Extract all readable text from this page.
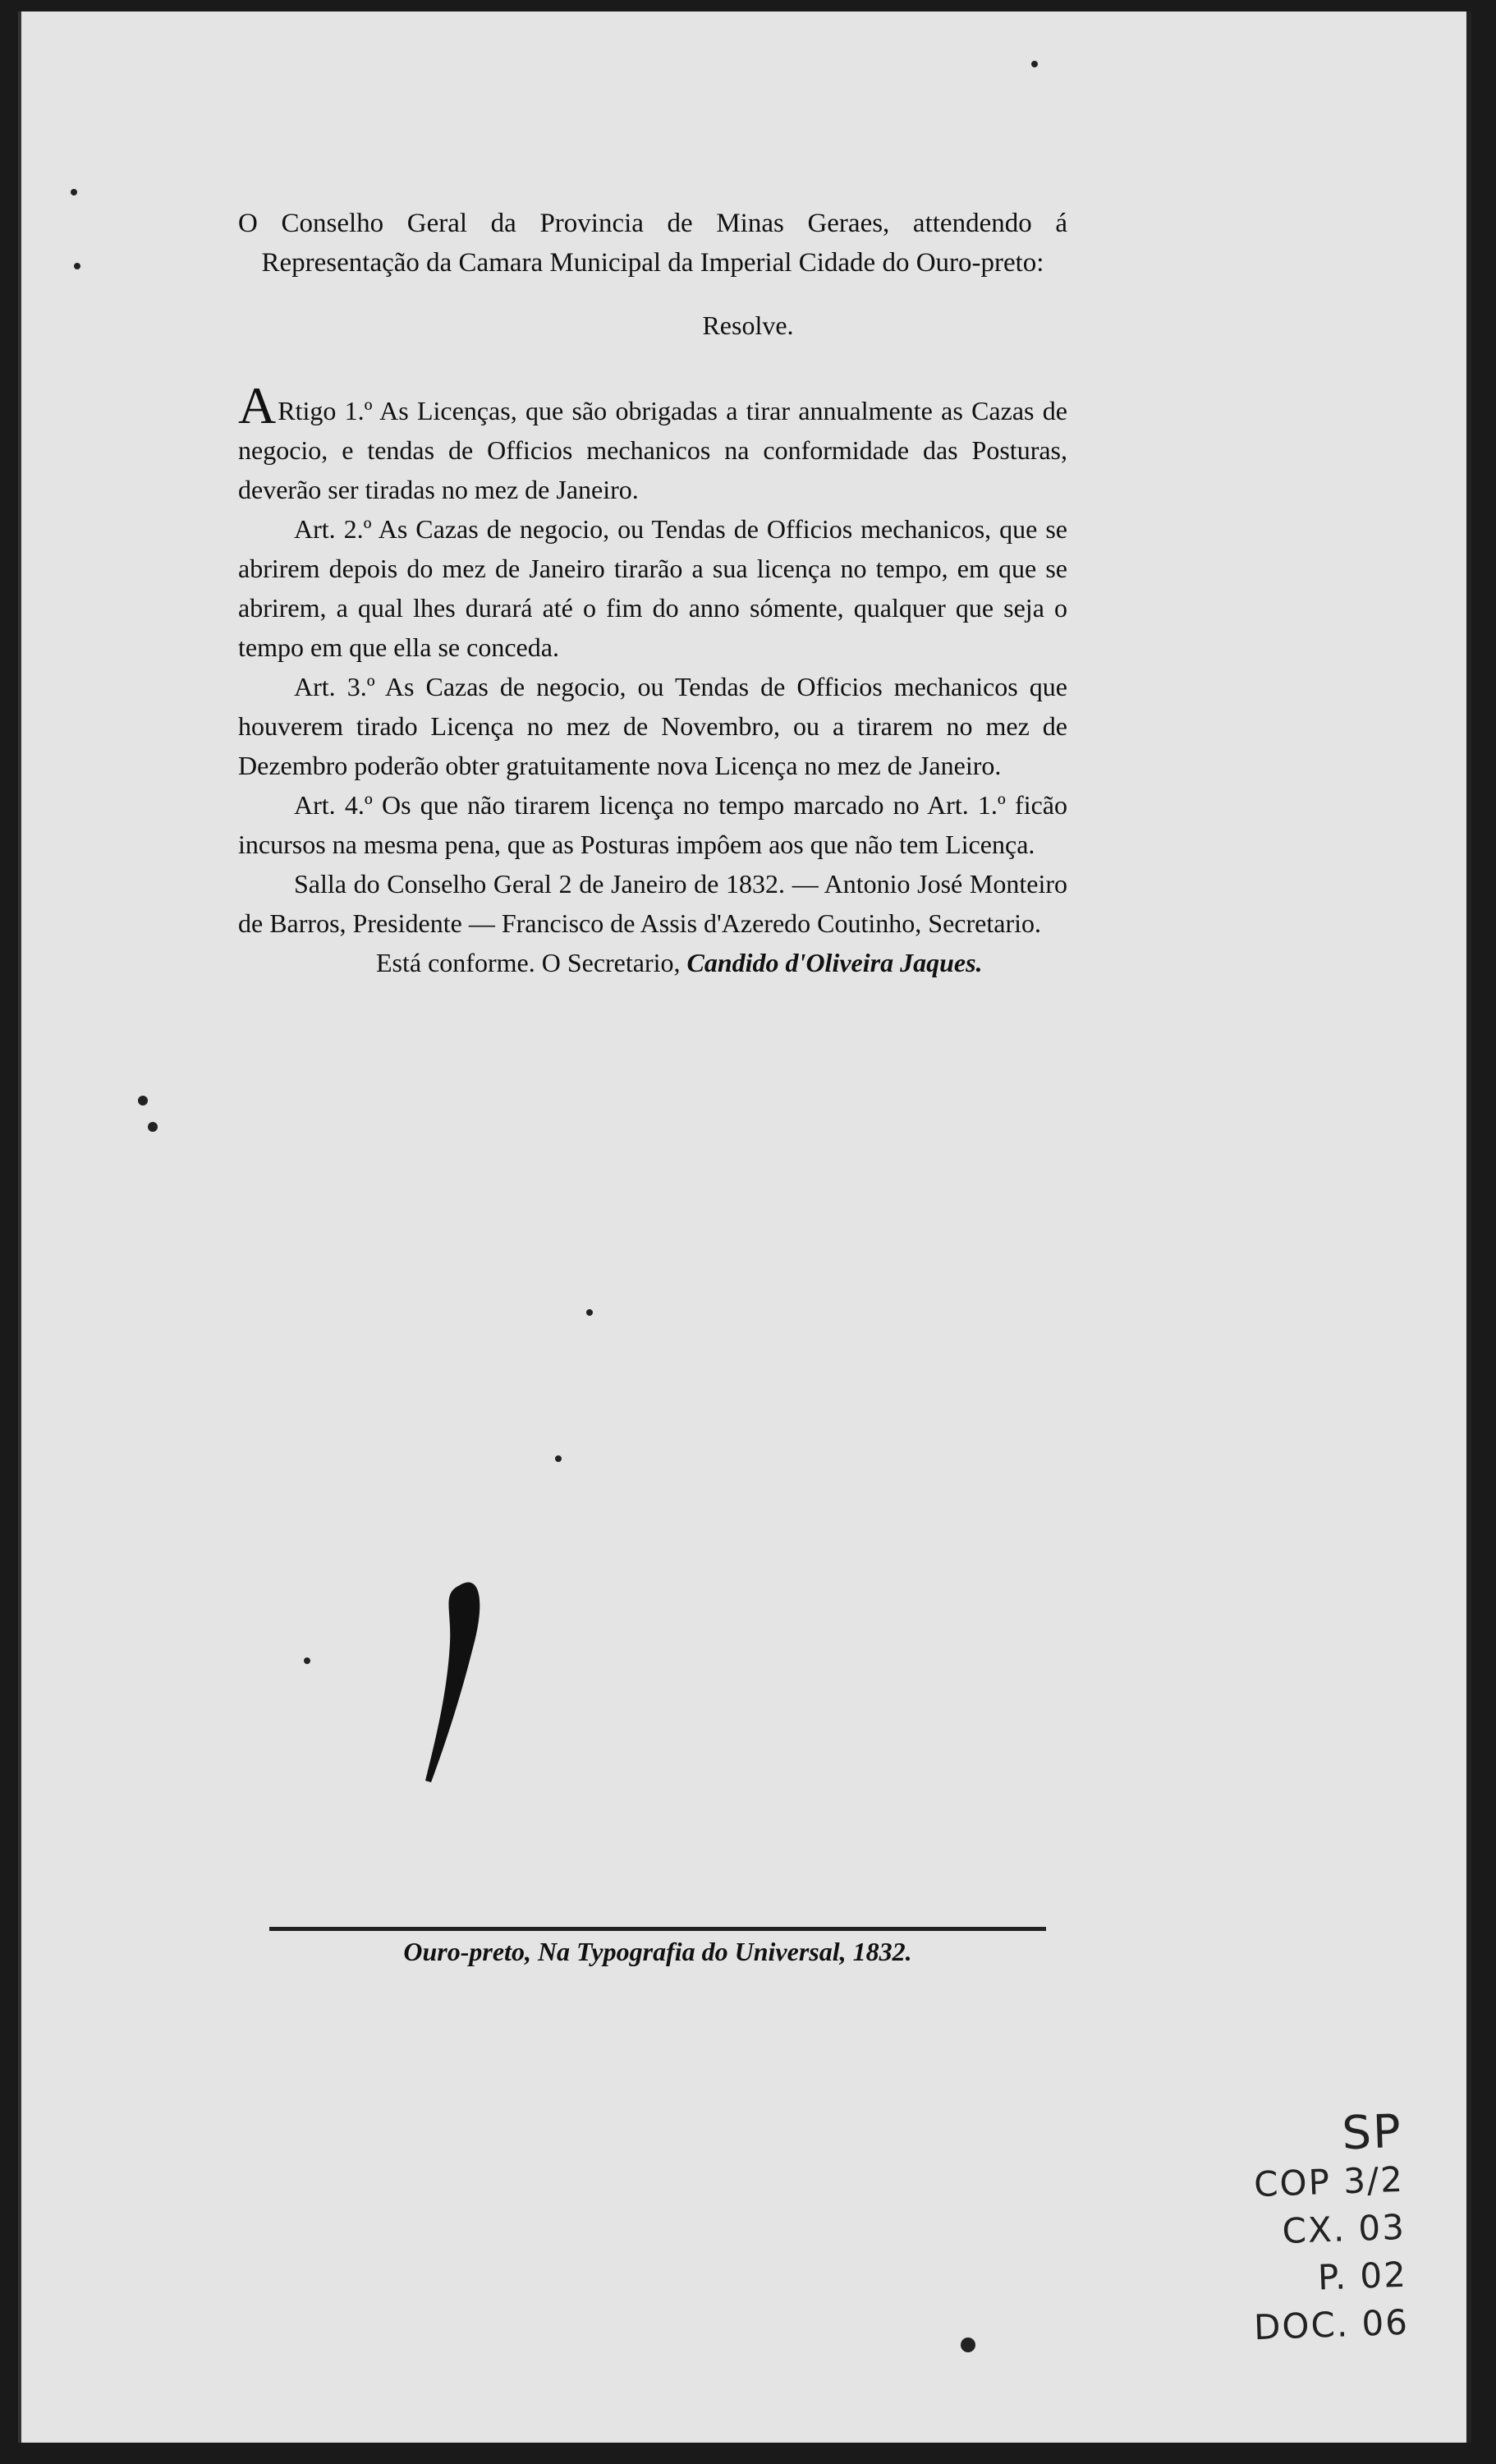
O Conselho Geral da Provincia de Minas Geraes, attendendo á Representação da Camara Municipal da Imperial Cidade do Ouro-preto:
Resolve.

ARtigo 1.º As Licenças, que são obrigadas a tirar annualmente as Cazas de negocio, e tendas de Officios mechanicos na conformidade das Posturas, deverão ser tiradas no mez de Janeiro.

Art. 2.º As Cazas de negocio, ou Tendas de Officios mechanicos, que se abrirem depois do mez de Janeiro tirarão a sua licença no tempo, em que se abrirem, a qual lhes durará até o fim do anno sómente, qualquer que seja o tempo em que ella se conceda.

Art. 3.º As Cazas de negocio, ou Tendas de Officios mechanicos que houverem tirado Licença no mez de Novembro, ou a tirarem no mez de Dezembro poderão obter gratuitamente nova Licença no mez de Janeiro.

Art. 4.º Os que não tirarem licença no tempo marcado no Art. 1.º ficão incursos na mesma pena, que as Posturas impôem aos que não tem Licença.

Salla do Conselho Geral 2 de Janeiro de 1832. — Antonio José Monteiro de Barros, Presidente — Francisco de Assis d'Azeredo Coutinho, Secretario.

Está conforme. O Secretario, Candido d'Oliveira Jaques.

Ouro-preto, Na Typografia do Universal, 1832.
SP
COP 3/2
CX. 03
P. 02
DOC. 06
